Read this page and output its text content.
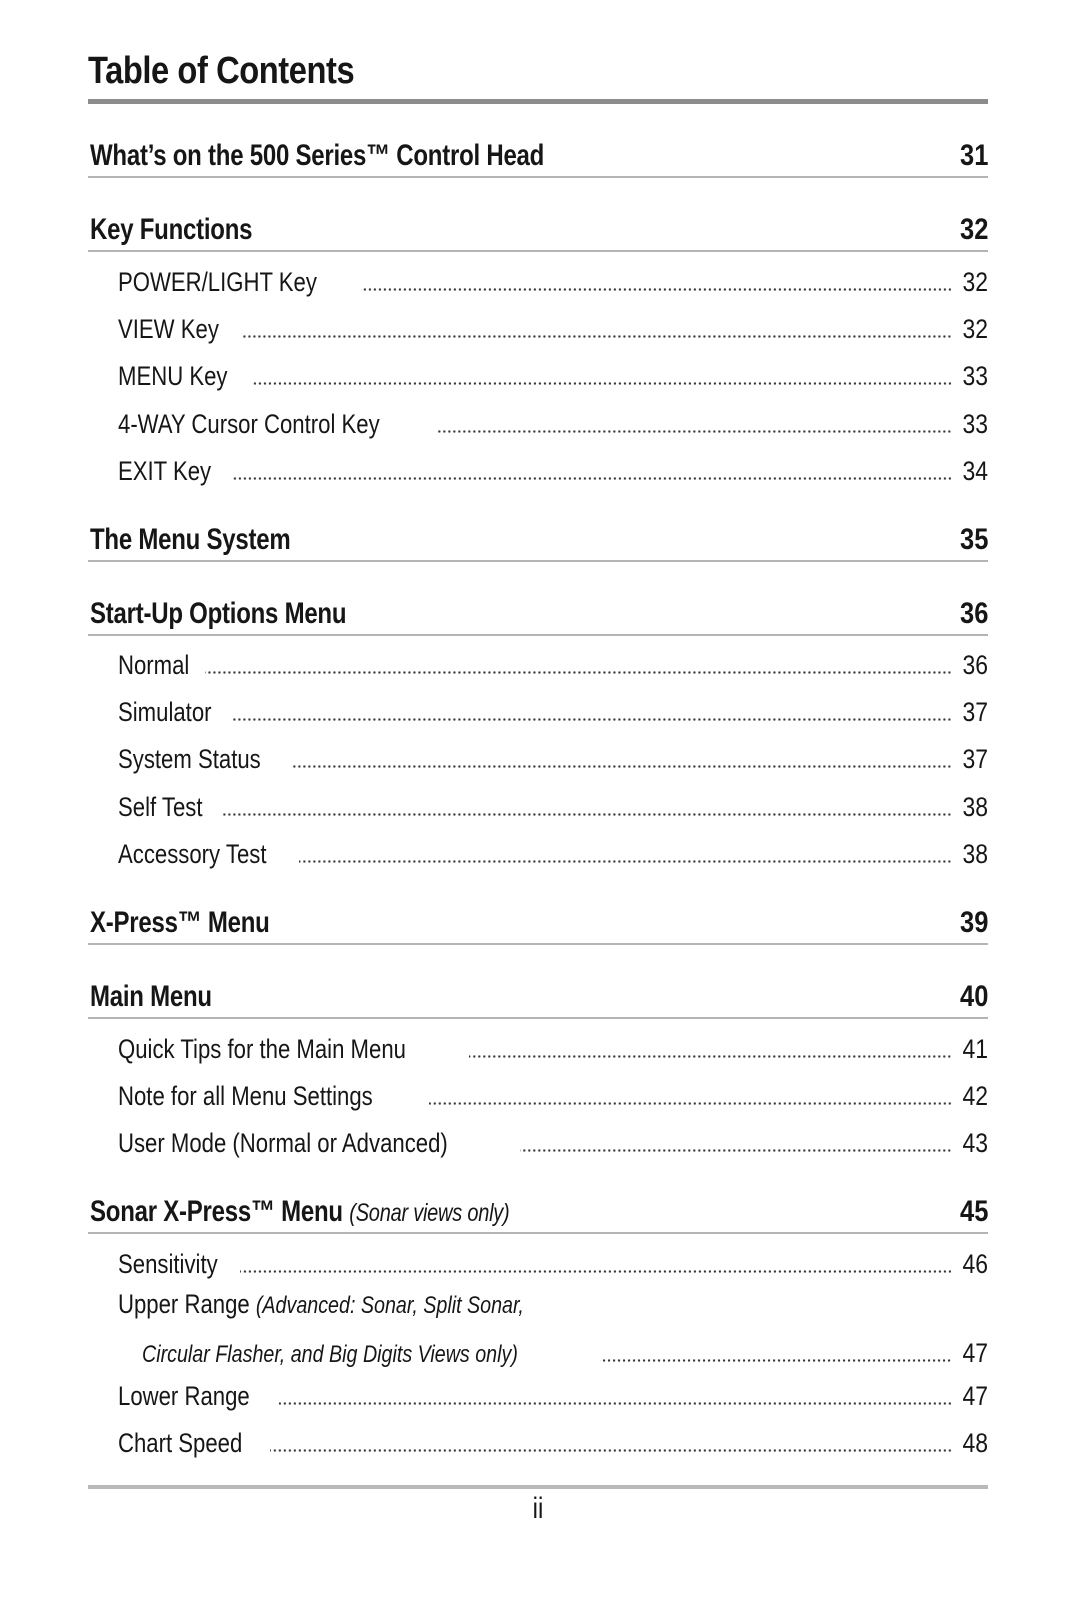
Table of Contents
What’s on the 500 Series™ Control Head	31
Key Functions	32
POWER/LIGHT Key	32
VIEW Key	32
MENU Key	33
4-WAY Cursor Control Key	33
EXIT Key	34
The Menu System	35
Start-Up Options Menu	36
Normal	36
Simulator	37
System Status	37
Self Test	38
Accessory Test	38
X-Press™ Menu	39
Main Menu	40
Quick Tips for the Main Menu	41
Note for all Menu Settings	42
User Mode (Normal or Advanced)	43
Sonar X-Press™ Menu (Sonar views only)	45
Sensitivity	46
Upper Range (Advanced: Sonar, Split Sonar,
Circular Flasher, and Big Digits Views only)	47
Lower Range	47
Chart Speed	48
ii
